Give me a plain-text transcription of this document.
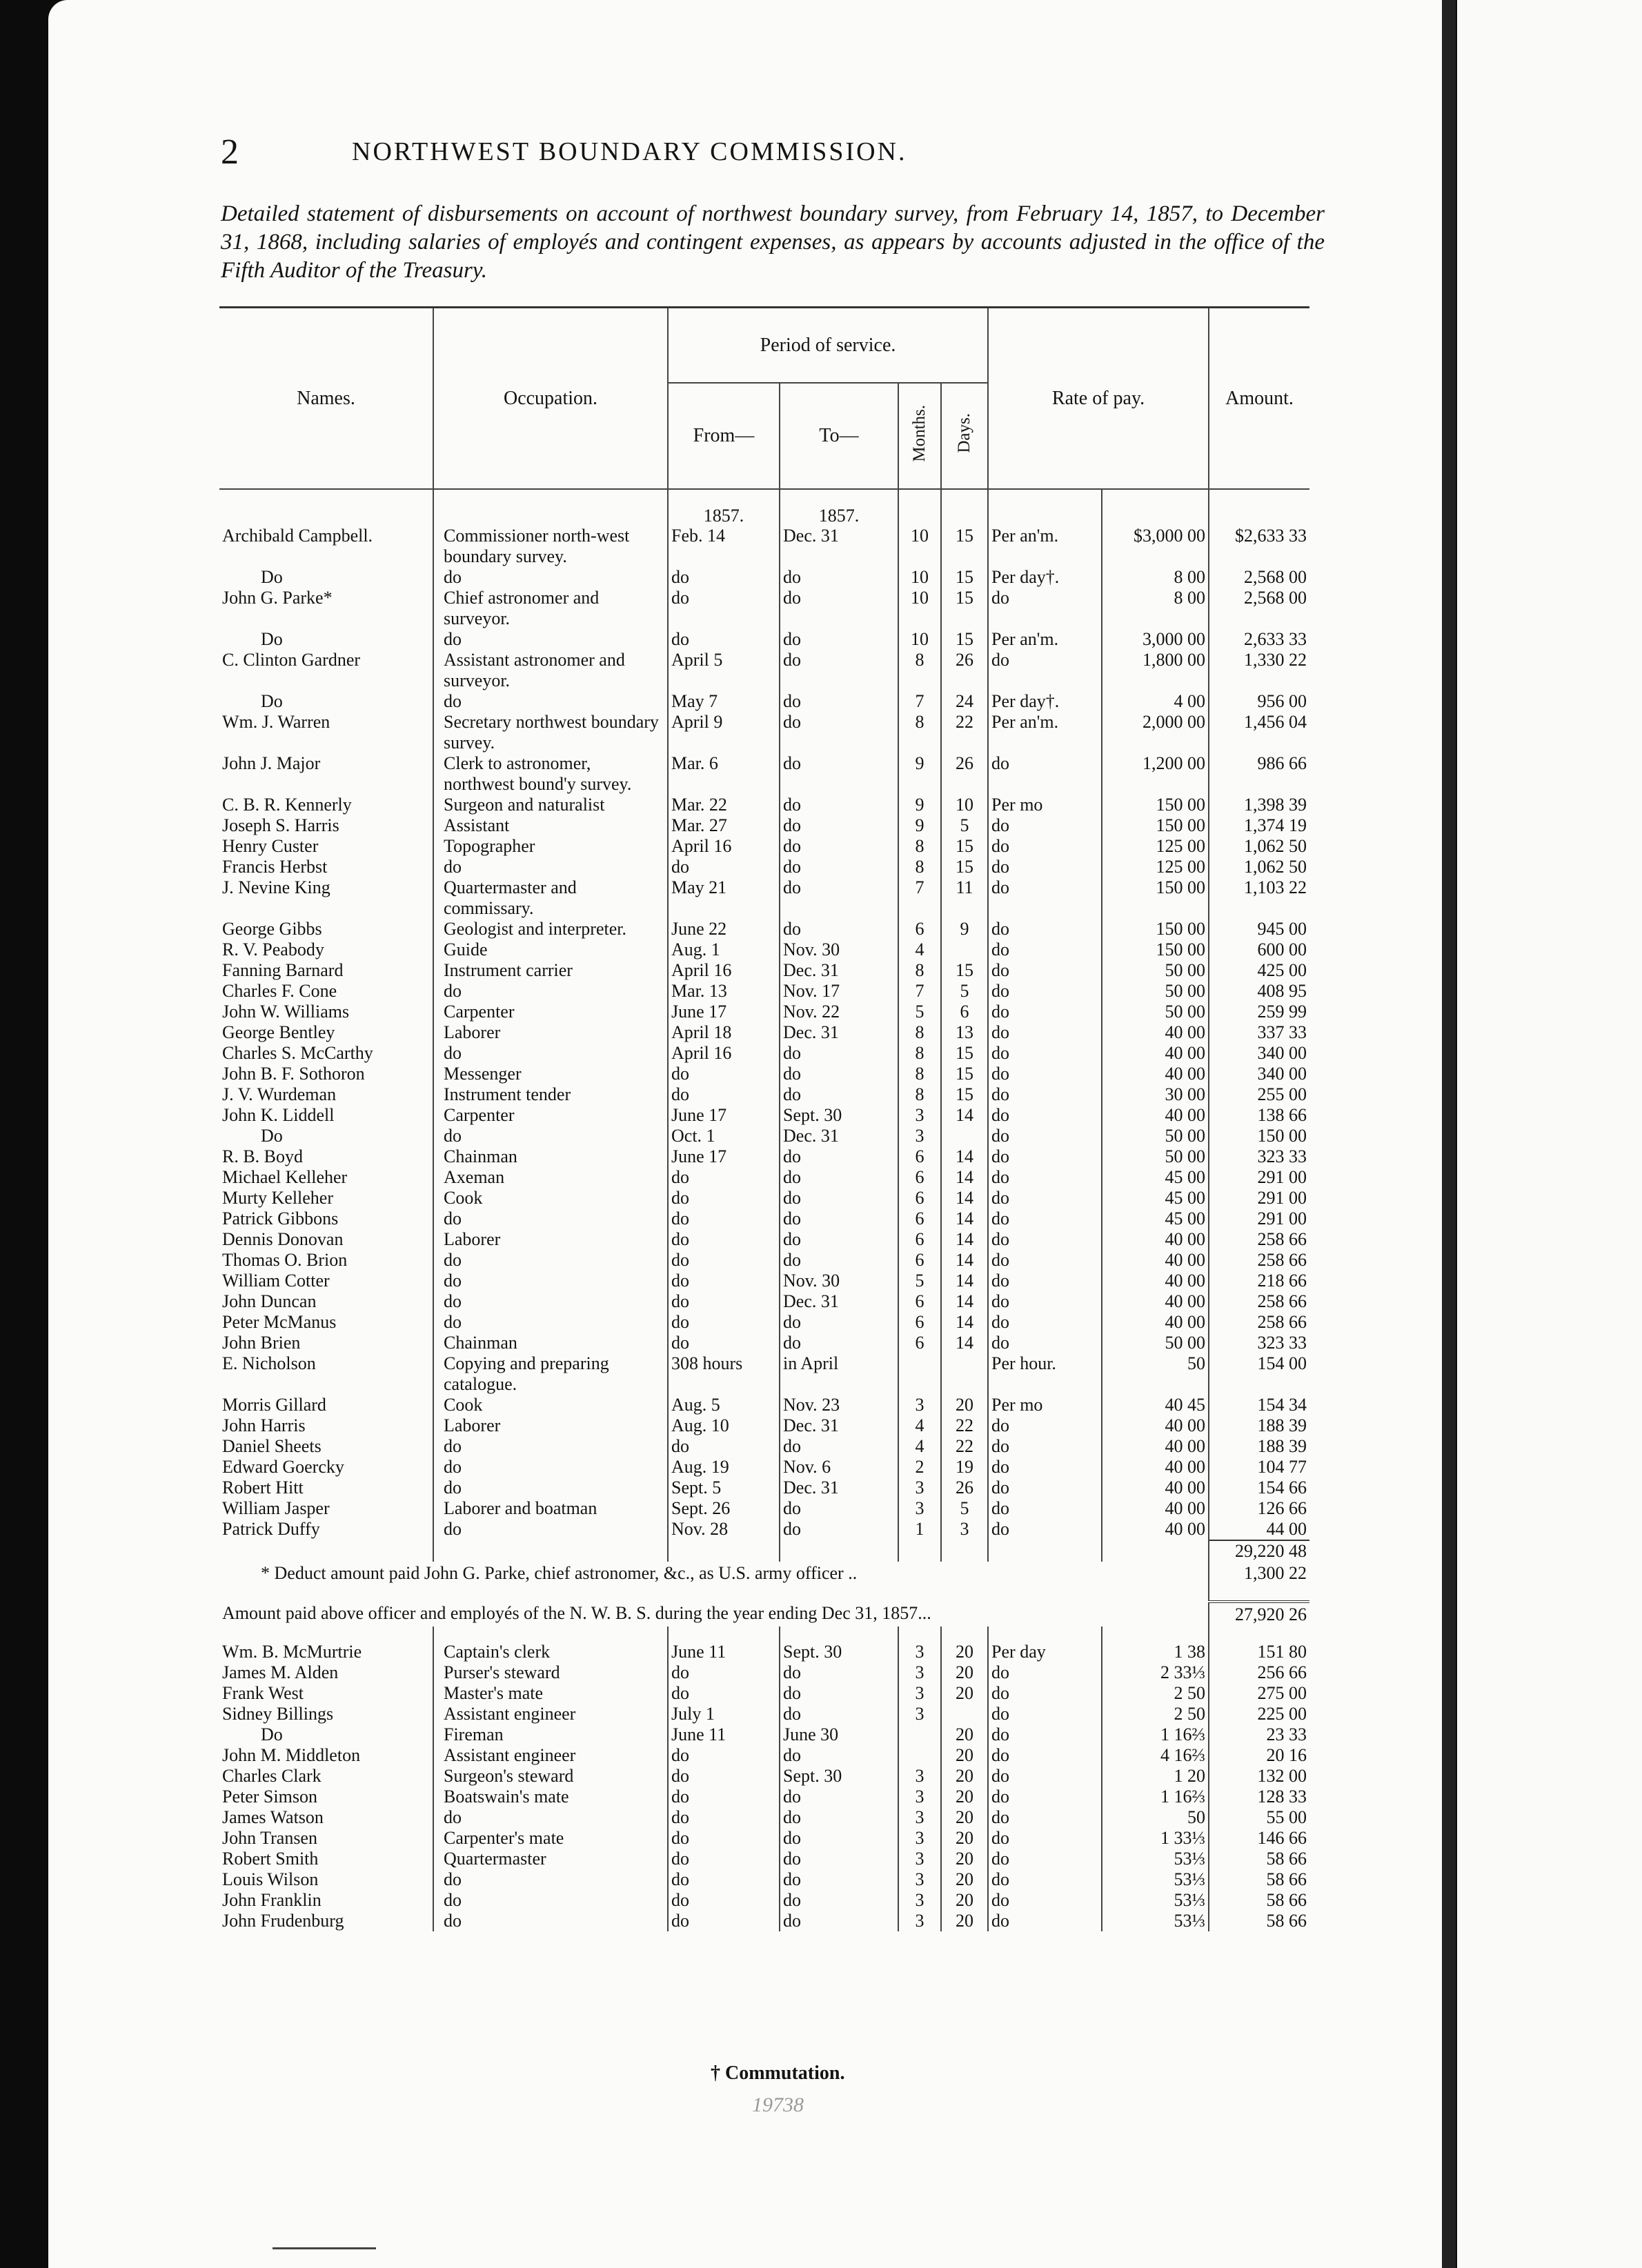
2	NORTHWEST BOUNDARY COMMISSION.

Detailed statement of disbursements on account of northwest boundary survey, from February 14, 1857, to December 31, 1868, including salaries of employés and contingent expenses, as appears by accounts adjusted in the office of the Fifth Auditor of the Treasury.

Names.	Occupation.	Period of service.				Rate of pay.		Amount.
		From—	To—	Months.	Days.			

		1857.	1857.					
Archibald Campbell.	Commissioner north-west boundary survey.	Feb. 14	Dec. 31	10	15	Per an'm.	$3,000 00	$2,633 33
Do	do	do	do	10	15	Per day†.	8 00	2,568 00
John G. Parke*	Chief astronomer and surveyor.	do	do	10	15	do	8 00	2,568 00
Do	do	do	do	10	15	Per an'm.	3,000 00	2,633 33
C. Clinton Gardner	Assistant astronomer and surveyor.	April 5	do	8	26	do	1,800 00	1,330 22
Do	do	May 7	do	7	24	Per day†.	4 00	956 00
Wm. J. Warren	Secretary northwest boundary survey.	April 9	do	8	22	Per an'm.	2,000 00	1,456 04
John J. Major	Clerk to astronomer, northwest bound'y survey.	Mar. 6	do	9	26	do	1,200 00	986 66
C. B. R. Kennerly	Surgeon and naturalist	Mar. 22	do	9	10	Per mo	150 00	1,398 39
Joseph S. Harris	Assistant	Mar. 27	do	9	5	do	150 00	1,374 19
Henry Custer	Topographer	April 16	do	8	15	do	125 00	1,062 50
Francis Herbst	do	do	do	8	15	do	125 00	1,062 50
J. Nevine King	Quartermaster and commissary.	May 21	do	7	11	do	150 00	1,103 22
George Gibbs	Geologist and interpreter.	June 22	do	6	9	do	150 00	945 00
R. V. Peabody	Guide	Aug. 1	Nov. 30	4		do	150 00	600 00
Fanning Barnard	Instrument carrier	April 16	Dec. 31	8	15	do	50 00	425 00
Charles F. Cone	do	Mar. 13	Nov. 17	7	5	do	50 00	408 95
John W. Williams	Carpenter	June 17	Nov. 22	5	6	do	50 00	259 99
George Bentley	Laborer	April 18	Dec. 31	8	13	do	40 00	337 33
Charles S. McCarthy	do	April 16	do	8	15	do	40 00	340 00
John B. F. Sothoron	Messenger	do	do	8	15	do	40 00	340 00
J. V. Wurdeman	Instrument tender	do	do	8	15	do	30 00	255 00
John K. Liddell	Carpenter	June 17	Sept. 30	3	14	do	40 00	138 66
Do	do	Oct. 1	Dec. 31	3		do	50 00	150 00
R. B. Boyd	Chainman	June 17	do	6	14	do	50 00	323 33
Michael Kelleher	Axeman	do	do	6	14	do	45 00	291 00
Murty Kelleher	Cook	do	do	6	14	do	45 00	291 00
Patrick Gibbons	do	do	do	6	14	do	45 00	291 00
Dennis Donovan	Laborer	do	do	6	14	do	40 00	258 66
Thomas O. Brion	do	do	do	6	14	do	40 00	258 66
William Cotter	do	do	Nov. 30	5	14	do	40 00	218 66
John Duncan	do	do	Dec. 31	6	14	do	40 00	258 66
Peter McManus	do	do	do	6	14	do	40 00	258 66
John Brien	Chainman	do	do	6	14	do	50 00	323 33
E. Nicholson	Copying and preparing catalogue.	308 hours	in April			Per hour.	50	154 00
Morris Gillard	Cook	Aug. 5	Nov. 23	3	20	Per mo	40 45	154 34
John Harris	Laborer	Aug. 10	Dec. 31	4	22	do	40 00	188 39
Daniel Sheets	do	do	do	4	22	do	40 00	188 39
Edward Goercky	do	Aug. 19	Nov. 6	2	19	do	40 00	104 77
Robert Hitt	do	Sept. 5	Dec. 31	3	26	do	40 00	154 66
William Jasper	Laborer and boatman	Sept. 26	do	3	5	do	40 00	126 66
Patrick Duffy	do	Nov. 28	do	1	3	do	40 00	44 00
								29,220 48
* Deduct amount paid John G. Parke, chief astronomer, &c., as U.S. army officer ..								1,300 22

Amount paid above officer and employés of the N. W. B. S. during the year ending Dec 31, 1857...								27,920 26

Wm. B. McMurtrie	Captain's clerk	June 11	Sept. 30	3	20	Per day	1 38	151 80
James M. Alden	Purser's steward	do	do	3	20	do	2 33⅓	256 66
Frank West	Master's mate	do	do	3	20	do	2 50	275 00
Sidney Billings	Assistant engineer	July 1	do	3		do	2 50	225 00
Do	Fireman	June 11	June 30		20	do	1 16⅔	23 33
John M. Middleton	Assistant engineer	do	do		20	do	4 16⅔	20 16
Charles Clark	Surgeon's steward	do	Sept. 30	3	20	do	1 20	132 00
Peter Simson	Boatswain's mate	do	do	3	20	do	1 16⅔	128 33
James Watson	do	do	do	3	20	do	50	55 00
John Transen	Carpenter's mate	do	do	3	20	do	1 33⅓	146 66
Robert Smith	Quartermaster	do	do	3	20	do	53⅓	58 66
Louis Wilson	do	do	do	3	20	do	53⅓	58 66
John Franklin	do	do	do	3	20	do	53⅓	58 66
John Frudenburg	do	do	do	3	20	do	53⅓	58 66
† Commutation.
19738
